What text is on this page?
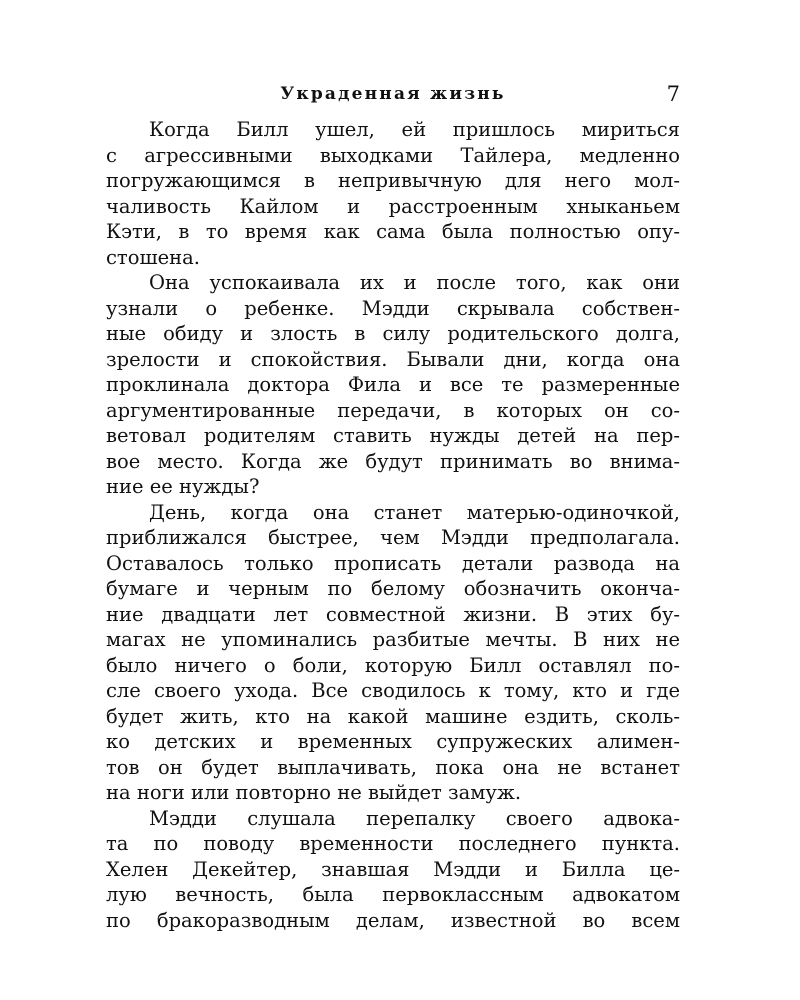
Украденная жизнь	7
Когда Билл ушел, ей пришлось мириться
с агрессивными выходками Тайлера, медленно
погружающимся в непривычную для него мол-
чаливость Кайлом и расстроенным хныканьем
Кэти, в то время как сама была полностью опу-
стошена.
Она успокаивала их и после того, как они
узнали о ребенке. Мэдди скрывала собствен-
ные обиду и злость в силу родительского долга,
зрелости и спокойствия. Бывали дни, когда она
проклинала доктора Фила и все те размеренные
аргументированные передачи, в которых он со-
ветовал родителям ставить нужды детей на пер-
вое место. Когда же будут принимать во внима-
ние ее нужды?
День, когда она станет матерью-одиночкой,
приближался быстрее, чем Мэдди предполагала.
Оставалось только прописать детали развода на
бумаге и черным по белому обозначить оконча-
ние двадцати лет совместной жизни. В этих бу-
магах не упоминались разбитые мечты. В них не
было ничего о боли, которую Билл оставлял по-
сле своего ухода. Все сводилось к тому, кто и где
будет жить, кто на какой машине ездить, сколь-
ко детских и временных супружеских алимен-
тов он будет выплачивать, пока она не встанет
на ноги или повторно не выйдет замуж.
Мэдди слушала перепалку своего адвока-
та по поводу временности последнего пункта.
Хелен Декейтер, знавшая Мэдди и Билла це-
лую вечность, была первоклассным адвокатом
по бракоразводным делам, известной во всем
